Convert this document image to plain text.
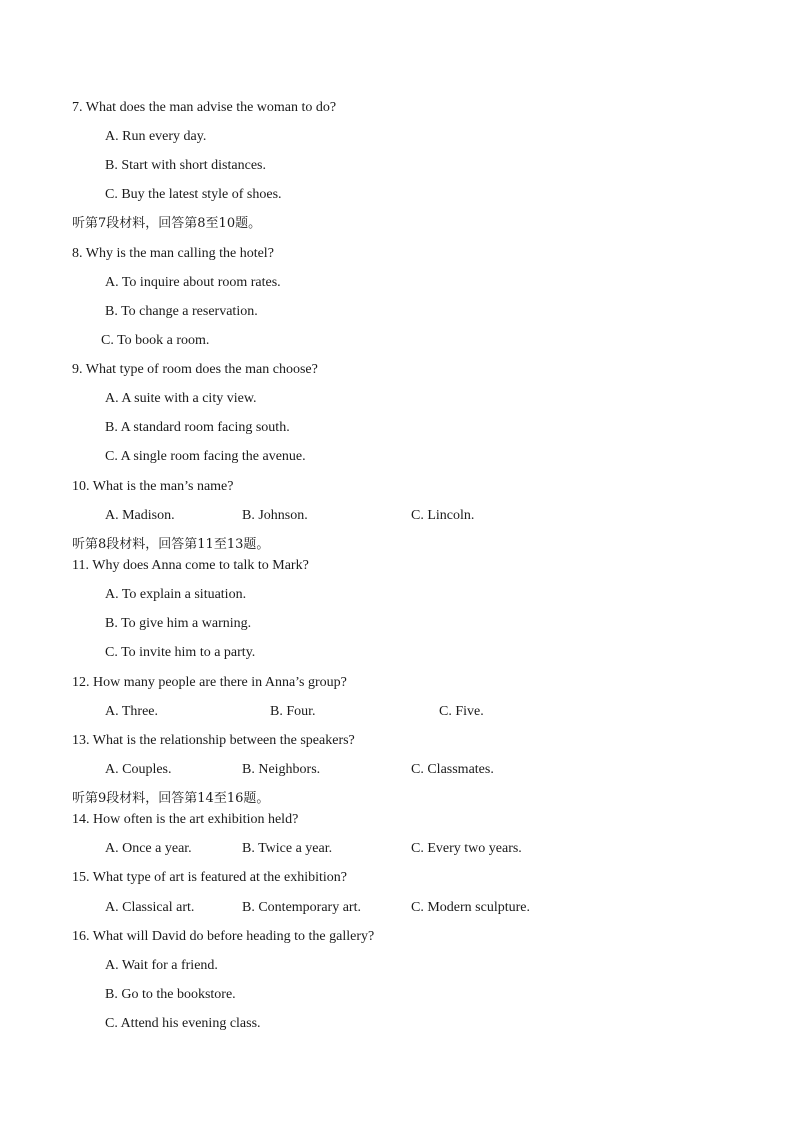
7. What does the man advise the woman to do?
A. Run every day.
B. Start with short distances.
C. Buy the latest style of shoes.
听第7段材料，回答第8至10题。
8. Why is the man calling the hotel?
A. To inquire about room rates.
B. To change a reservation.
C. To book a room.
9. What type of room does the man choose?
A. A suite with a city view.
B. A standard room facing south.
C. A single room facing the avenue.
10. What is the man’s name?
A. Madison.	B. Johnson.	C. Lincoln.
听第8段材料，回答第11至13题。
11. Why does Anna come to talk to Mark?
A. To explain a situation.
B. To give him a warning.
C. To invite him to a party.
12. How many people are there in Anna’s group?
A. Three.	B. Four.	C. Five.
13. What is the relationship between the speakers?
A. Couples.	B. Neighbors.	C. Classmates.
听第9段材料，回答第14至16题。
14. How often is the art exhibition held?
A. Once a year.	B. Twice a year.	C. Every two years.
15. What type of art is featured at the exhibition?
A. Classical art.	B. Contemporary art.	C. Modern sculpture.
16. What will David do before heading to the gallery?
A. Wait for a friend.
B. Go to the bookstore.
C. Attend his evening class.
